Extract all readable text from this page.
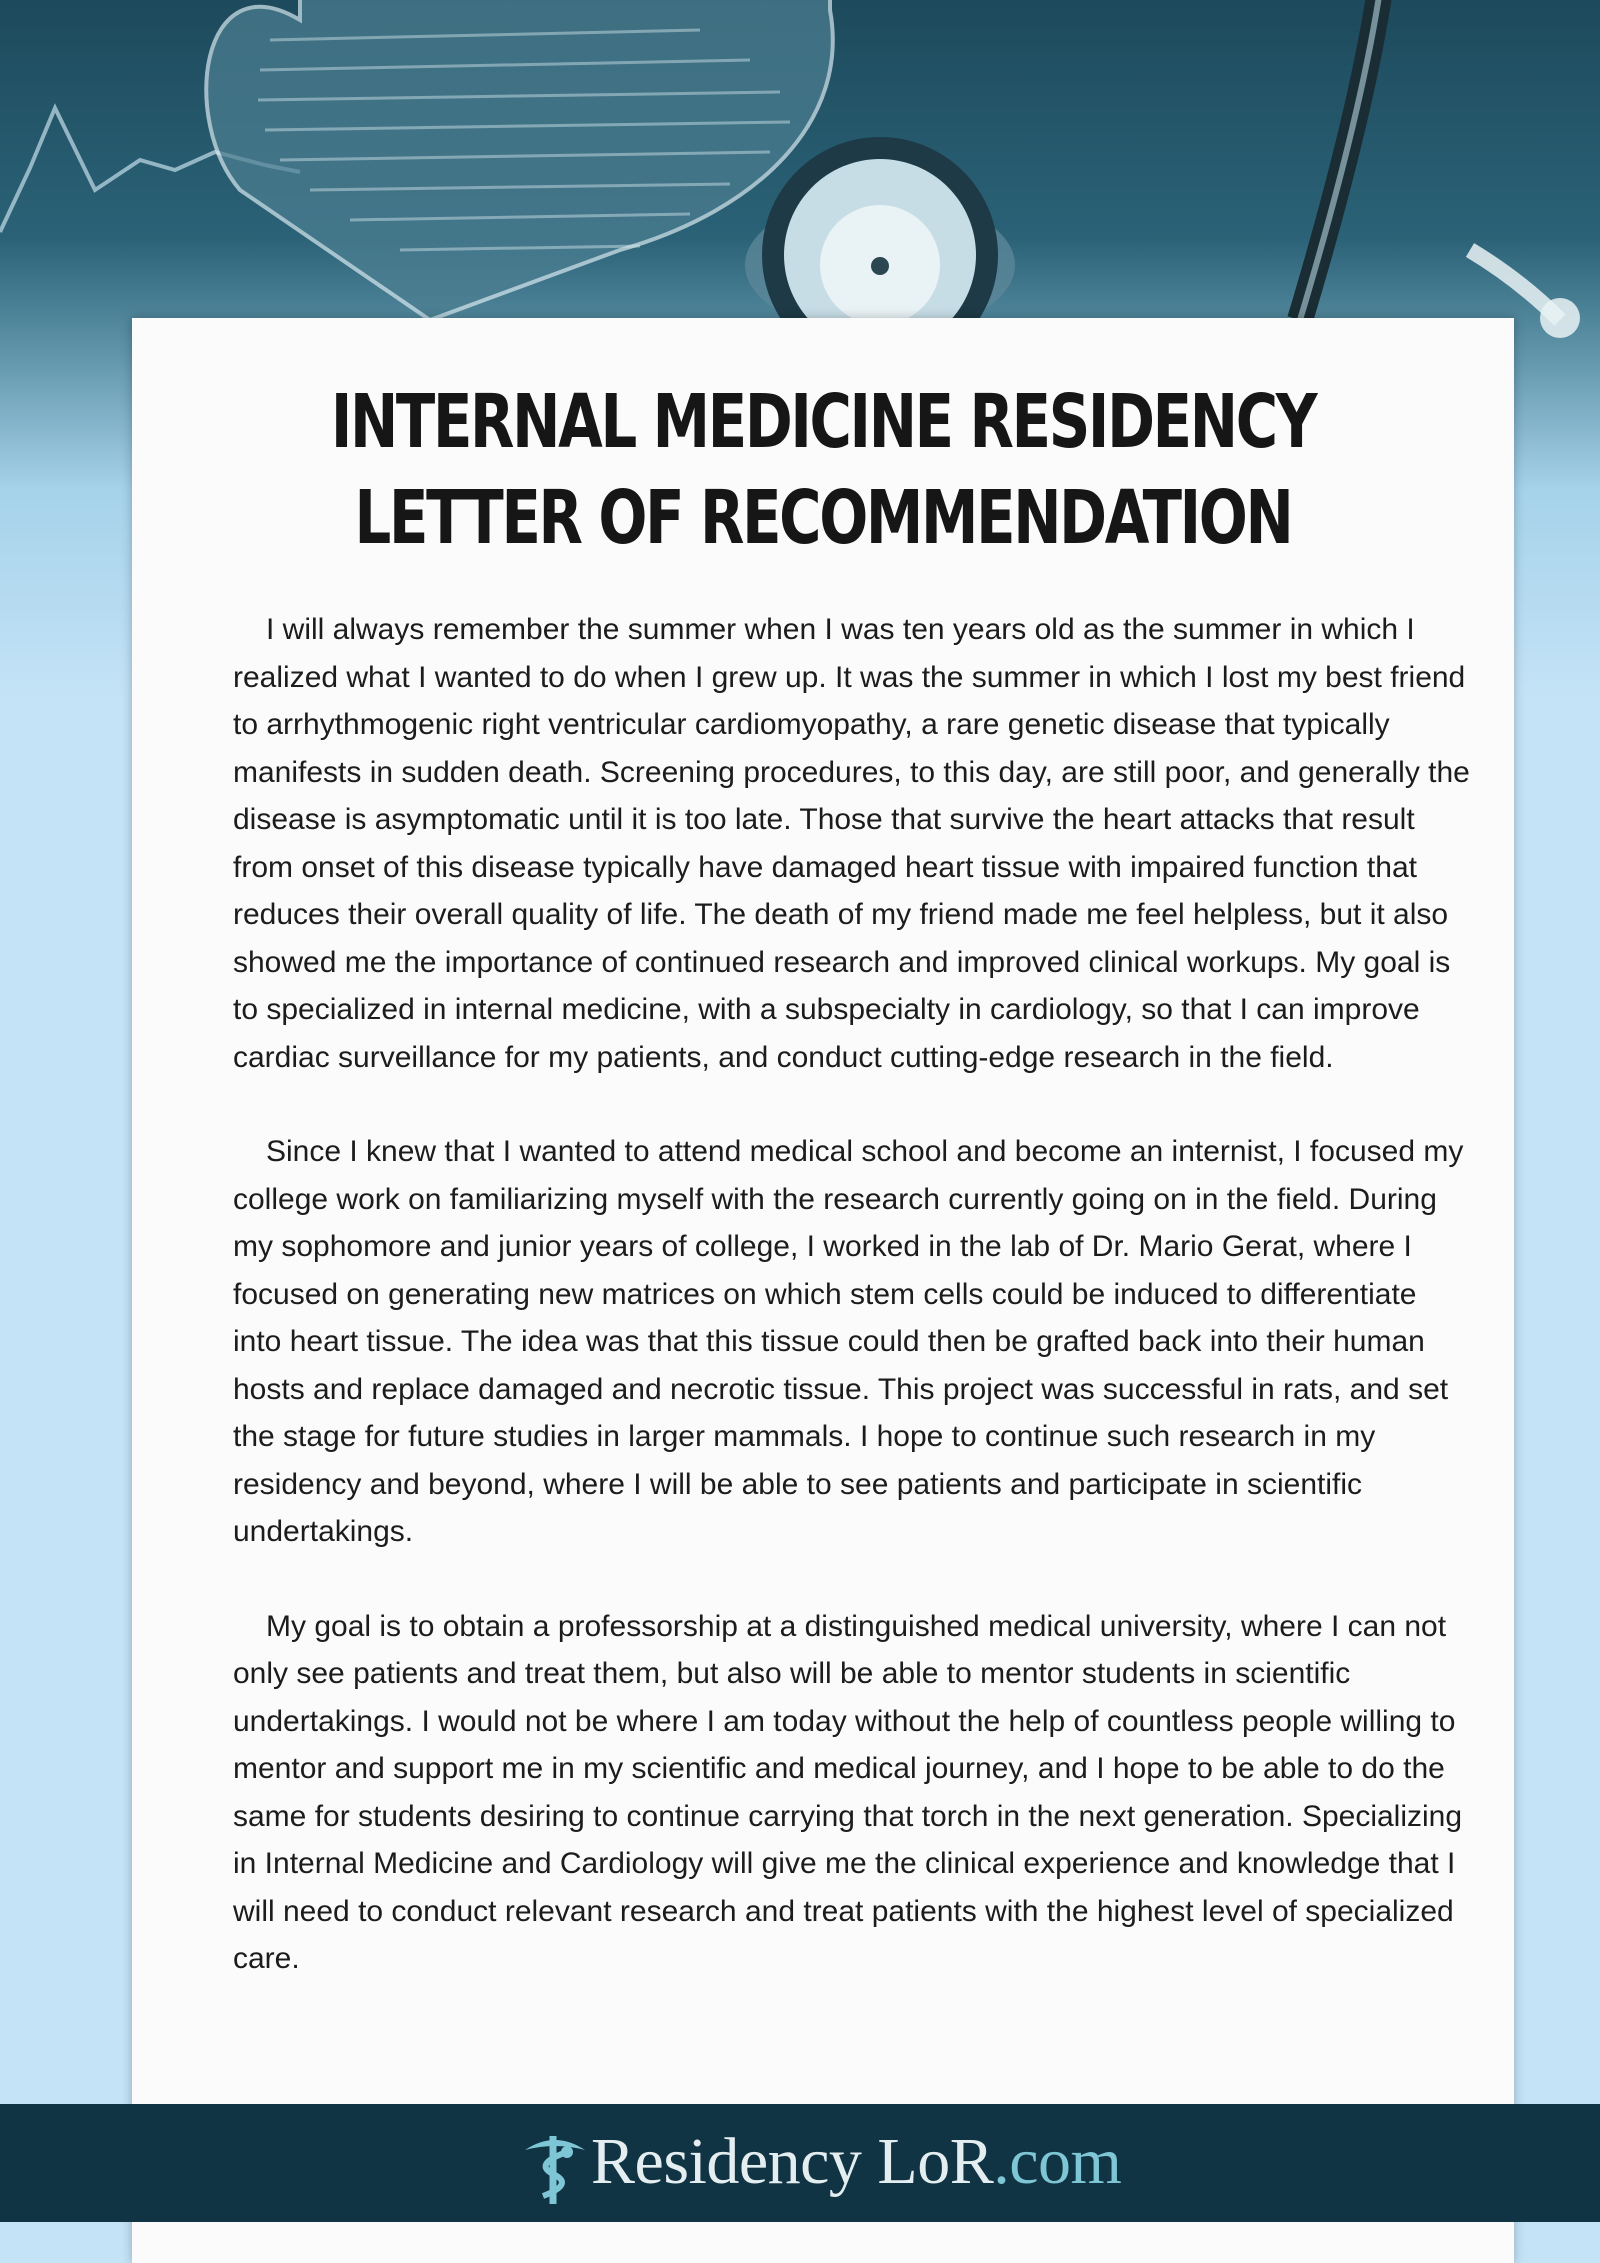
INTERNAL MEDICINE RESIDENCY
LETTER OF RECOMMENDATION

I will always remember the summer when I was ten years old as the summer in which I realized what I wanted to do when I grew up. It was the summer in which I lost my best friend to arrhythmogenic right ventricular cardiomyopathy, a rare genetic disease that typically manifests in sudden death. Screening procedures, to this day, are still poor, and generally the disease is asymptomatic until it is too late. Those that survive the heart attacks that result from onset of this disease typically have damaged heart tissue with impaired function that reduces their overall quality of life. The death of my friend made me feel helpless, but it also showed me the importance of continued research and improved clinical workups. My goal is to specialized in internal medicine, with a subspecialty in cardiology, so that I can improve cardiac surveillance for my patients, and conduct cutting-edge research in the field.

Since I knew that I wanted to attend medical school and become an internist, I focused my college work on familiarizing myself with the research currently going on in the field. During my sophomore and junior years of college, I worked in the lab of Dr. Mario Gerat, where I focused on generating new matrices on which stem cells could be induced to differentiate into heart tissue. The idea was that this tissue could then be grafted back into their human hosts and replace damaged and necrotic tissue. This project was successful in rats, and set the stage for future studies in larger mammals. I hope to continue such research in my residency and beyond, where I will be able to see patients and participate in scientific undertakings.

My goal is to obtain a professorship at a distinguished medical university, where I can not only see patients and treat them, but also will be able to mentor students in scientific undertakings. I would not be where I am today without the help of countless people willing to mentor and support me in my scientific and medical journey, and I hope to be able to do the same for students desiring to continue carrying that torch in the next generation. Specializing in Internal Medicine and Cardiology will give me the clinical experience and knowledge that I will need to conduct relevant research and treat patients with the highest level of specialized care.

Residency LoR.com
